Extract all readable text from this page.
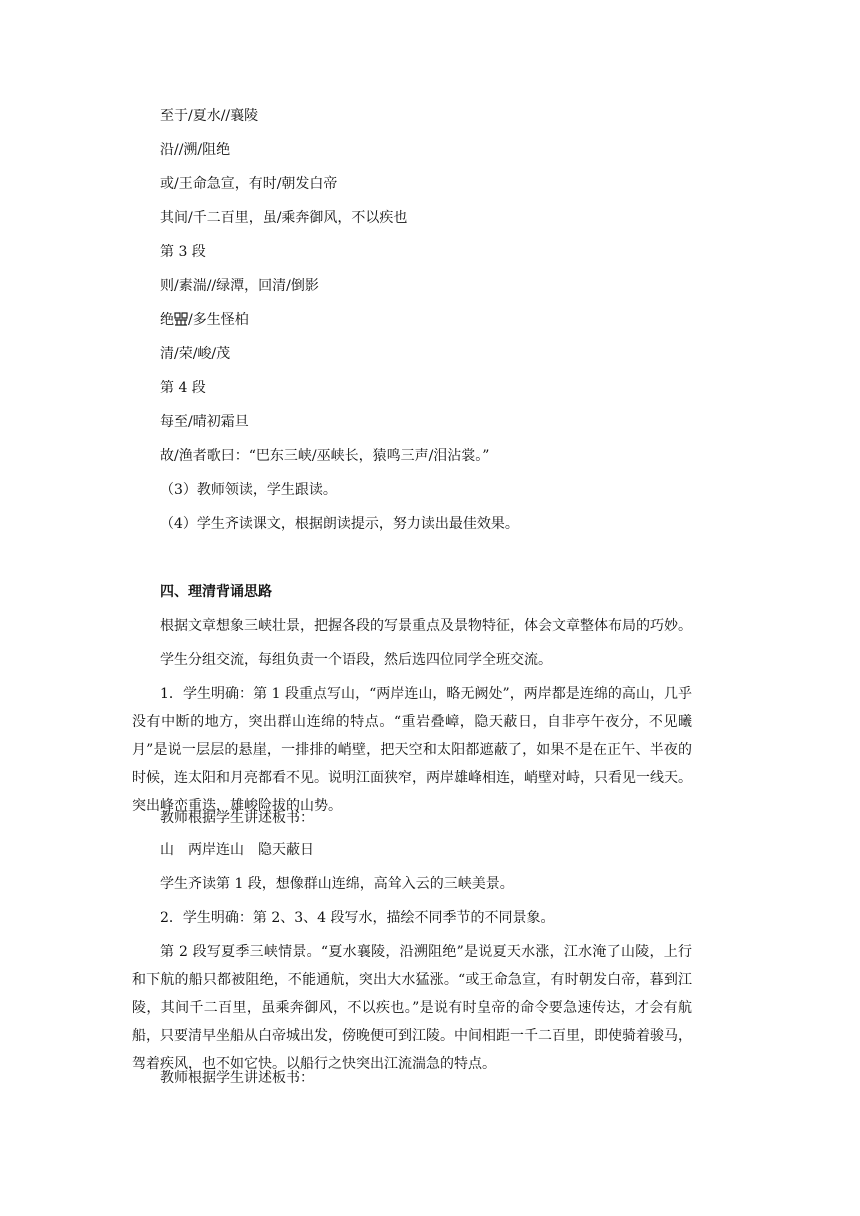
至于/夏水//襄陵

沿//溯/阻绝

或/王命急宣，有时/朝发白帝

其间/千二百里，虽/乘奔御风，不以疾也

第 3 段

则/素湍//绿潭，回清/倒影

绝 /多生怪柏

清/荣/峻/茂

第 4 段

每至/晴初霜旦

故/渔者歌曰：“巴东三峡/巫峡长，猿鸣三声/泪沾裳。”

（3）教师领读，学生跟读。

（4）学生齐读课文，根据朗读提示，努力读出最佳效果。

四、理清背诵思路

根据文章想象三峡壮景，把握各段的写景重点及景物特征，体会文章整体布局的巧妙。

学生分组交流，每组负责一个语段，然后选四位同学全班交流。

1．学生明确：第 1 段重点写山，“两岸连山，略无阙处”，两岸都是连绵的高山，几乎没有中断的地方，突出群山连绵的特点。“重岩叠嶂，隐天蔽日，自非亭午夜分，不见曦月”是说一层层的悬崖，一排排的峭壁，把天空和太阳都遮蔽了，如果不是在正午、半夜的时候，连太阳和月亮都看不见。说明江面狭窄，两岸雄峰相连，峭壁对峙，只看见一线天。突出峰峦重迭，雄峻险拔的山势。

教师根据学生讲述板书：

山 两岸连山 隐天蔽日

学生齐读第 1 段，想像群山连绵，高耸入云的三峡美景。

2．学生明确：第 2、3、4 段写水，描绘不同季节的不同景象。

第 2 段写夏季三峡情景。“夏水襄陵，沿溯阻绝”是说夏天水涨，江水淹了山陵，上行和下航的船只都被阻绝，不能通航，突出大水猛涨。“或王命急宣，有时朝发白帝，暮到江陵，其间千二百里，虽乘奔御风，不以疾也。”是说有时皇帝的命令要急速传达，才会有航船，只要清早坐船从白帝城出发，傍晚便可到江陵。中间相距一千二百里，即使骑着骏马，驾着疾风，也不如它快。以船行之快突出江流湍急的特点。

教师根据学生讲述板书：
